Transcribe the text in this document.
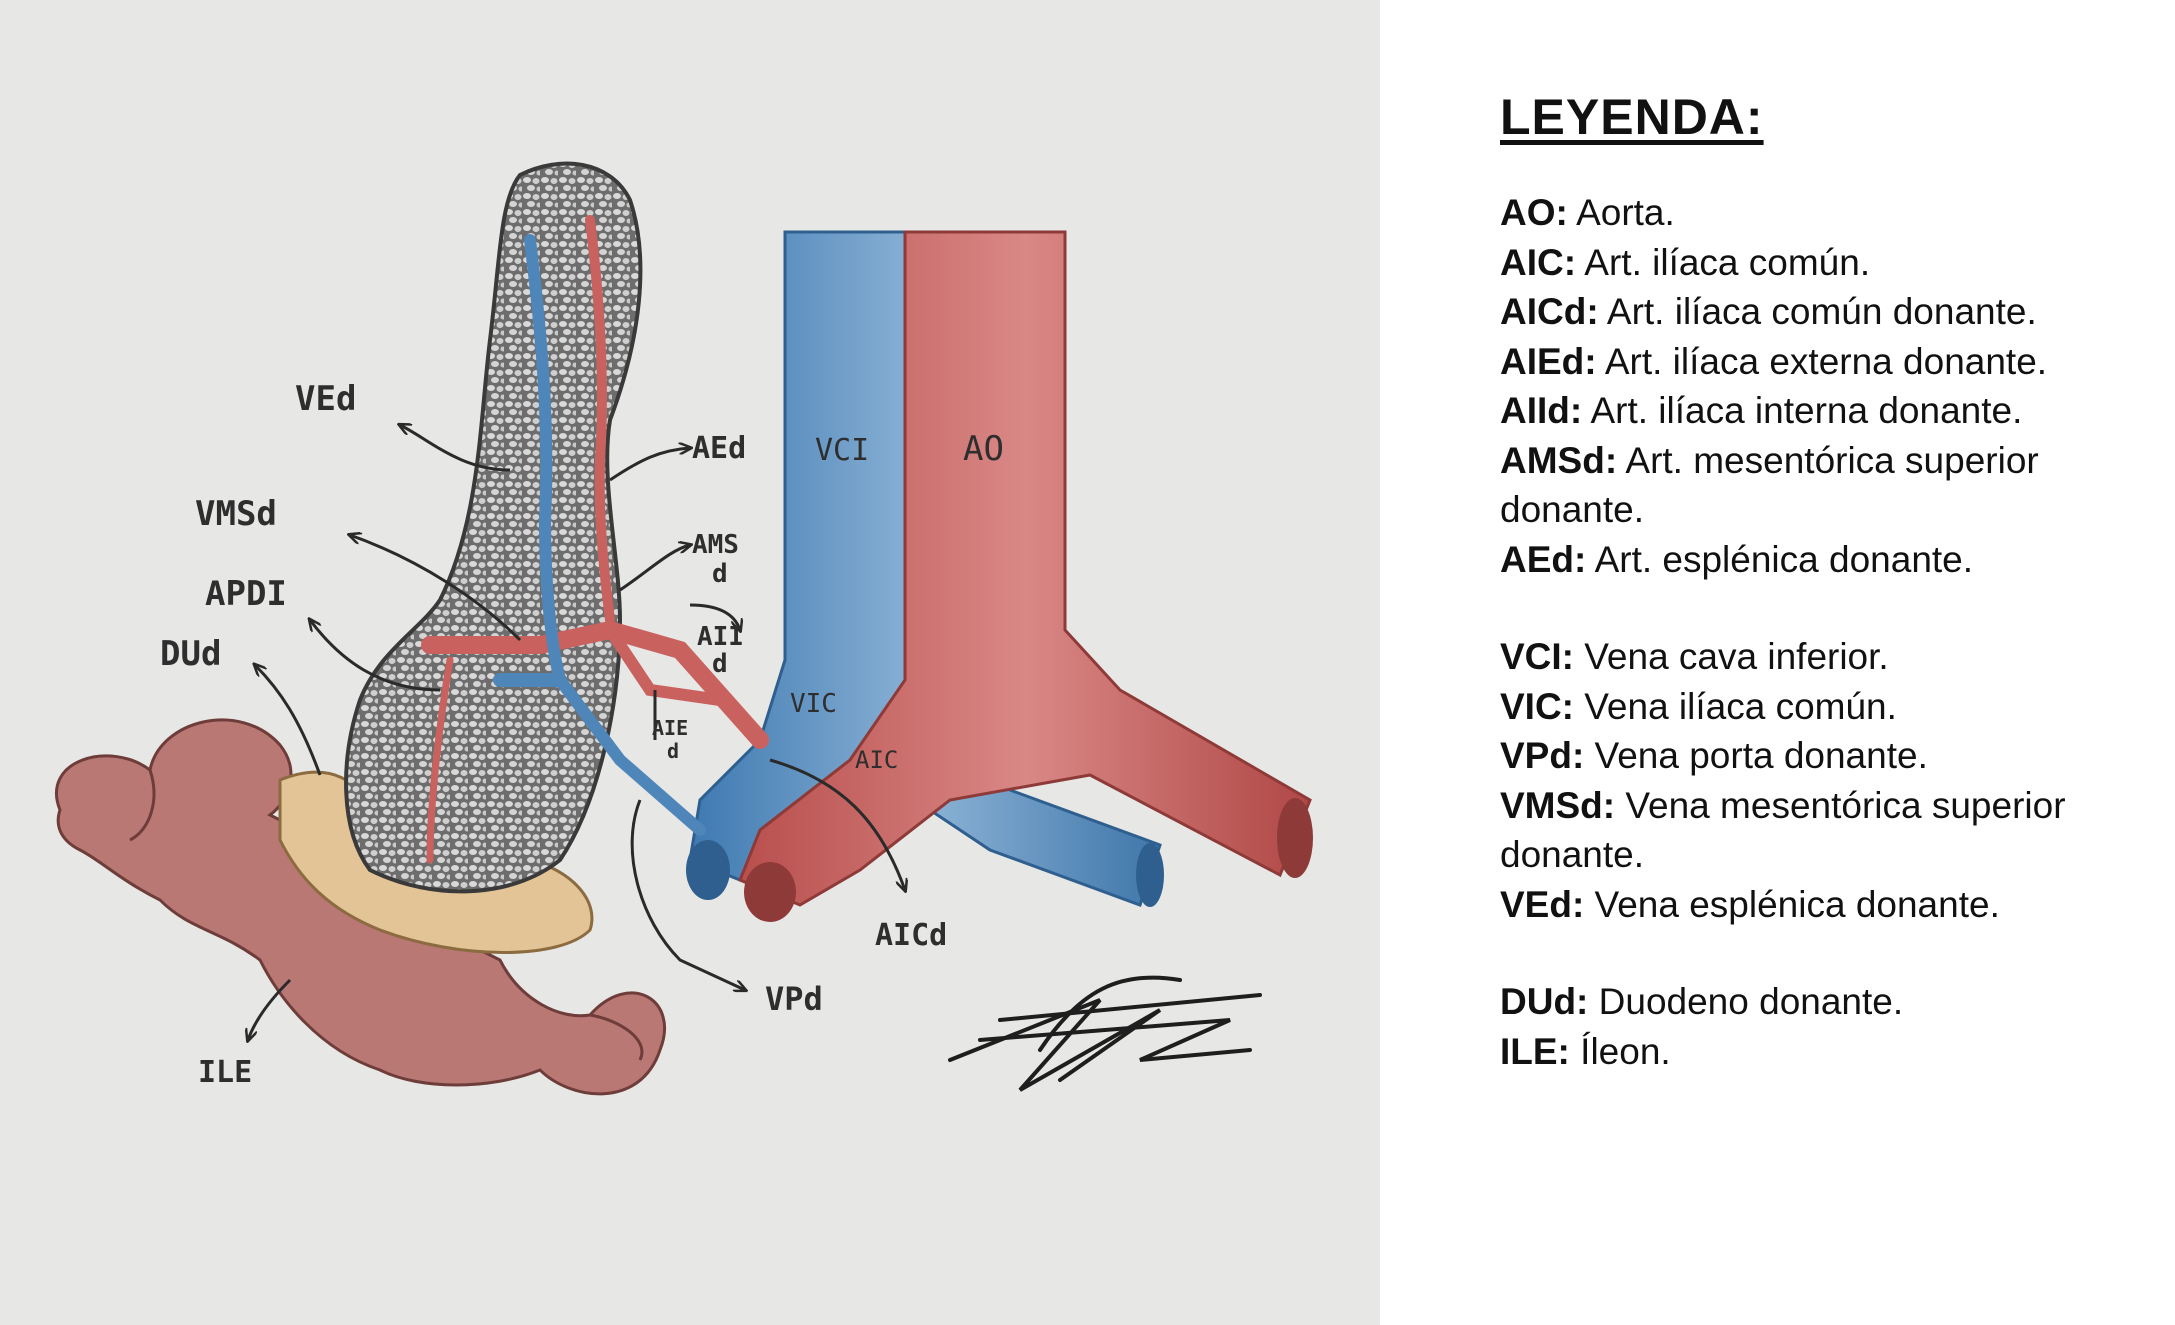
VEd
AEd VCI	AO
VMSd
AMS
d
APDI
AII
d
DUd
VIC
AIE
d	AIC
AICd
VPd
ILE
LEYENDA:
AO: Aorta.
AIC: Art. ilíaca común.
AICd: Art. ilíaca común donante.
AIEd: Art. ilíaca externa donante.
AIId: Art. ilíaca interna donante.
AMSd: Art. mesentórica superior donante.
AEd: Art. esplénica donante.
VCI: Vena cava inferior.
VIC: Vena ilíaca común.
VPd: Vena porta donante.
VMSd: Vena mesentórica superior donante.
VEd: Vena esplénica donante.
DUd: Duodeno donante.
ILE: Íleon.
